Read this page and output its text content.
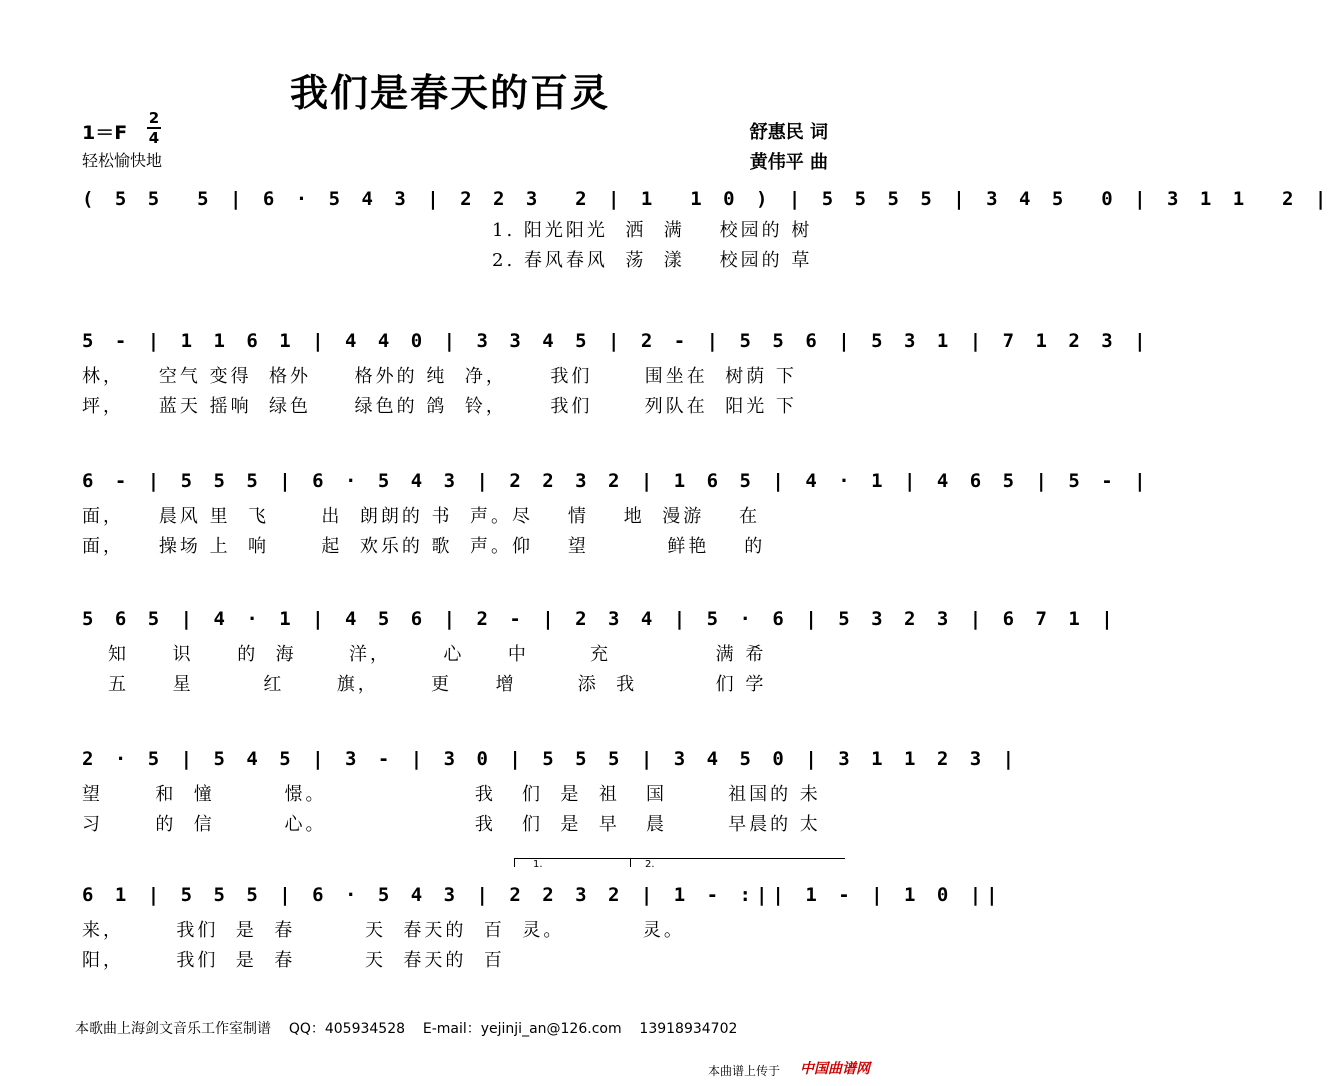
我们是春天的百灵
1＝F
2
4
轻松愉快地
舒惠民 词
黄伟平 曲
( 5 5  5 | 6 · 5 4 3 | 2 2 3  2 | 1  1 0 ) | 5 5 5 5 | 3 4 5  0 | 3 1 1  2 |
1. 阳光阳光  洒  满    校园的 树
2. 春风春风  荡  漾    校园的 草
5 - | 1 1 6 1 | 4 4 0 | 3 3 4 5 | 2 - | 5 5 6 | 5 3 1 | 7 1 2 3 |
林，    空气 变得  格外     格外的 纯  净，     我们      围坐在  树荫 下
坪，    蓝天 摇响  绿色     绿色的 鸽  铃，     我们      列队在  阳光 下
6 - | 5 5 5 | 6 · 5 4 3 | 2 2 3 2 | 1 6 5 | 4 · 1 | 4 6 5 | 5 - |
面，    晨风 里  飞      出  朗朗的 书  声。尽    情    地  漫游    在
面，    操场 上  响      起  欢乐的 歌  声。仰    望         鲜艳    的
5 6 5 | 4 · 1 | 4 5 6 | 2 - | 2 3 4 | 5 · 6 | 5 3 2 3 | 6 7 1 |
知     识     的  海      洋，      心     中       充            满 希
五     星        红      旗，      更     增       添  我         们 学
2 · 5 | 5 4 5 | 3 - | 3 0 | 5 5 5 | 3 4 5 0 | 3 1 1 2 3 |
望      和  憧        憬。                 我   们  是  祖   国       祖国的 未
习      的  信        心。                 我   们  是  早   晨       早晨的 太
6 1 | 5 5 5 | 6 · 5 4 3 | 2 2 3 2 | 1 - :|| 1 - | 1 0 ||
来，      我们  是  春        天  春天的  百  灵。         灵。
阳，      我们  是  春        天  春天的  百
1.	2.
本歌曲上海剑文音乐工作室制谱 QQ：405934528 E-mail：yejinji_an@126.com 13918934702
本曲谱上传于 中国曲谱网
